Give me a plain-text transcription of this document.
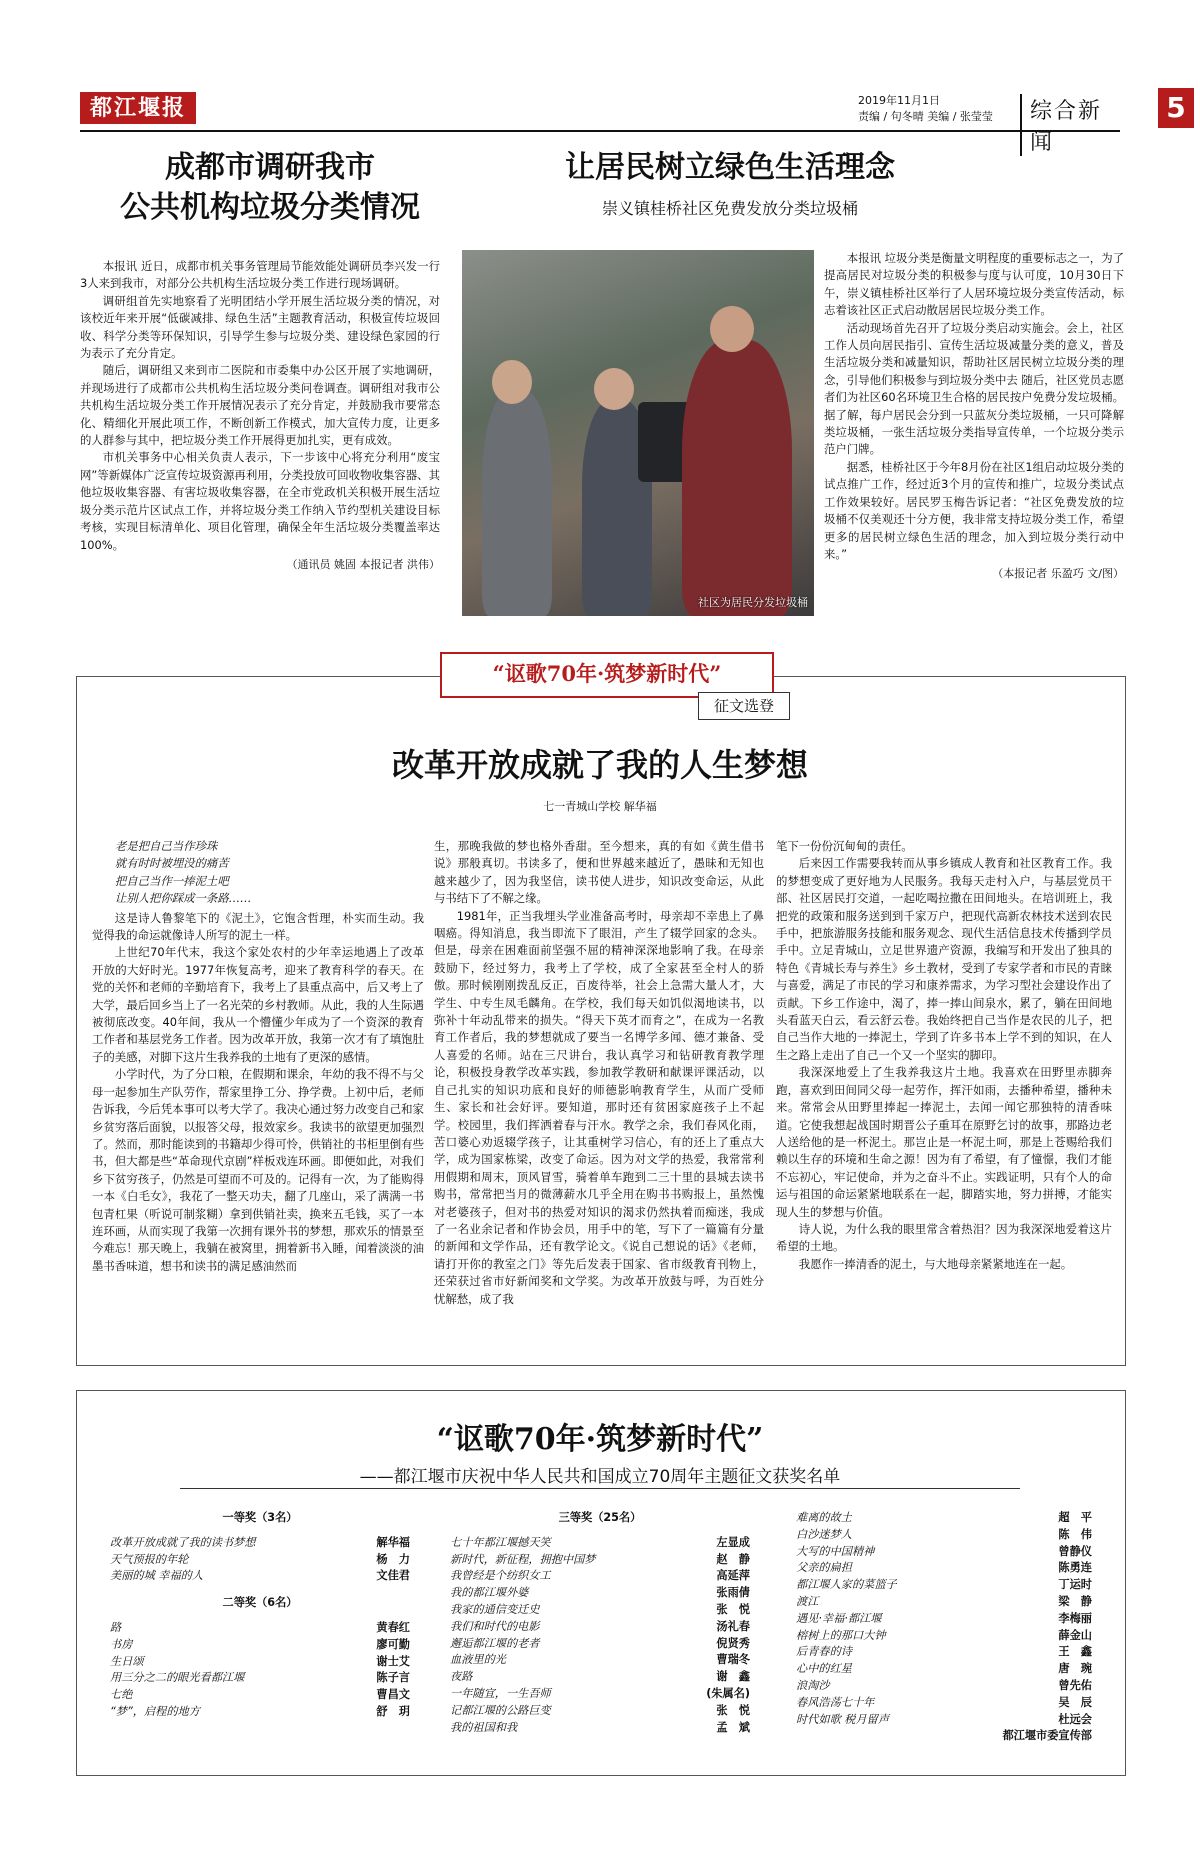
都江堰报	2019年11月1日
责编 / 句冬晴 美编 / 张莹莹	综合新闻
5
成都市调研我市
公共机构垃圾分类情况

本报讯 近日，成都市机关事务管理局节能效能处调研员李兴发一行3人来到我市，对部分公共机构生活垃圾分类工作进行现场调研。

调研组首先实地察看了光明团结小学开展生活垃圾分类的情况，对该校近年来开展“低碳减排、绿色生活”主题教育活动，积极宣传垃圾回收、科学分类等环保知识，引导学生参与垃圾分类、建设绿色家园的行为表示了充分肯定。

随后，调研组又来到市二医院和市委集中办公区开展了实地调研，并现场进行了成都市公共机构生活垃圾分类问卷调查。调研组对我市公共机构生活垃圾分类工作开展情况表示了充分肯定，并鼓励我市要常态化、精细化开展此项工作，不断创新工作模式，加大宣传力度，让更多的人群参与其中，把垃圾分类工作开展得更加扎实，更有成效。

市机关事务中心相关负责人表示，下一步该中心将充分利用“废宝网”等新媒体广泛宣传垃圾资源再利用，分类投放可回收物收集容器、其他垃圾收集容器、有害垃圾收集容器，在全市党政机关积极开展生活垃圾分类示范片区试点工作，并将垃圾分类工作纳入节约型机关建设目标考核，实现目标清单化、项目化管理，确保全年生活垃圾分类覆盖率达100%。

（通讯员 姚固 本报记者 洪伟）
让居民树立绿色生活理念
崇义镇桂桥社区免费发放分类垃圾桶
社区为居民分发垃圾桶

本报讯 垃圾分类是衡量文明程度的重要标志之一，为了提高居民对垃圾分类的积极参与度与认可度，10月30日下午，崇义镇桂桥社区举行了人居环境垃圾分类宣传活动，标志着该社区正式启动散居居民垃圾分类工作。

活动现场首先召开了垃圾分类启动实施会。会上，社区工作人员向居民指引、宣传生活垃圾减量分类的意义，普及生活垃圾分类和减量知识，帮助社区居民树立垃圾分类的理念，引导他们积极参与到垃圾分类中去 随后，社区党员志愿者们为社区60名环境卫生合格的居民按户免费分发垃圾桶。据了解，每户居民会分到一只蓝灰分类垃圾桶，一只可降解类垃圾桶，一张生活垃圾分类指导宣传单，一个垃圾分类示范户门牌。

据悉，桂桥社区于今年8月份在社区1组启动垃圾分类的试点推广工作，经过近3个月的宣传和推广，垃圾分类试点工作效果较好。居民罗玉梅告诉记者：“社区免费发放的垃圾桶不仅美观还十分方便，我非常支持垃圾分类工作，希望更多的居民树立绿色生活的理念，加入到垃圾分类行动中来。”

（本报记者 乐盈巧 文/图）
“讴歌70年·筑梦新时代”
征文选登
改革开放成就了我的人生梦想
七一青城山学校 解华福
老是把自己当作珍珠
就有时时被埋没的痛苦
把自己当作一捧泥土吧
让别人把你踩成一条路……

这是诗人鲁黎笔下的《泥土》，它饱含哲理，朴实而生动。我觉得我的命运就像诗人所写的泥土一样。

上世纪70年代末，我这个家处农村的少年幸运地遇上了改革开放的大好时光。1977年恢复高考，迎来了教育科学的春天。在党的关怀和老师的辛勤培育下，我考上了县重点高中，后又考上了大学，最后回乡当上了一名光荣的乡村教师。从此，我的人生际遇被彻底改变。40年间，我从一个懵懂少年成为了一个资深的教育工作者和基层党务工作者。因为改革开放，我第一次才有了填饱肚子的美感，对脚下这片生我养我的土地有了更深的感情。

小学时代，为了分口粮，在假期和课余，年幼的我不得不与父母一起参加生产队劳作，帮家里挣工分、挣学费。上初中后，老师告诉我，今后凭本事可以考大学了。我决心通过努力改变自己和家乡贫穷落后面貌，以报答父母，报效家乡。我读书的欲望更加强烈了。然而，那时能读到的书籍却少得可怜，供销社的书柜里倒有些书，但大都是些“革命现代京剧”样板戏连环画。即便如此，对我们乡下贫穷孩子，仍然是可望而不可及的。记得有一次，为了能购得一本《白毛女》，我花了一整天功夫，翻了几座山，采了满满一书包青杠果（听说可制浆糊）拿到供销社卖，换来五毛钱，买了一本连环画，从而实现了我第一次拥有课外书的梦想，那欢乐的情景至今难忘！那天晚上，我躺在被窝里，拥着新书入睡，闻着淡淡的油墨书香味道，想书和读书的满足感油然而

生，那晚我做的梦也格外香甜。至今想来，真的有如《黄生借书说》那般真切。书读多了，便和世界越来越近了，愚昧和无知也越来越少了，因为我坚信，读书使人进步，知识改变命运，从此与书结下了不解之缘。

1981年，正当我埋头学业准备高考时，母亲却不幸患上了鼻咽癌。得知消息，我当即流下了眼泪，产生了辍学回家的念头。但是，母亲在困难面前坚强不屈的精神深深地影响了我。在母亲鼓励下，经过努力，我考上了学校，成了全家甚至全村人的骄傲。那时候刚刚拨乱反正，百废待举，社会上急需大量人才，大学生、中专生凤毛麟角。在学校，我们每天如饥似渴地读书，以弥补十年动乱带来的损失。“得天下英才而育之”，在成为一名教育工作者后，我的梦想就成了要当一名博学多闻、德才兼备、受人喜爱的名师。站在三尺讲台，我认真学习和钻研教育教学理论，积极投身教学改革实践，参加教学教研和献课评课活动，以自己扎实的知识功底和良好的师德影响教育学生，从而广受师生、家长和社会好评。要知道，那时还有贫困家庭孩子上不起学。校园里，我们挥洒着春与汗水。教学之余，我们春风化雨，苦口婆心劝返辍学孩子，让其重树学习信心，有的还上了重点大学，成为国家栋梁，改变了命运。因为对文学的热爱，我常常利用假期和周末，顶风冒雪，骑着单车跑到二三十里的县城去读书购书，常常把当月的微薄薪水几乎全用在购书书购报上，虽然愧对老婆孩子，但对书的热爱对知识的渴求仍然执着而痴迷，我成了一名业余记者和作协会员，用手中的笔，写下了一篇篇有分量的新闻和文学作品，还有教学论文。《说自己想说的话》《老师，请打开你的教室之门》等先后发表于国家、省市级教育刊物上，还荣获过省市好新闻奖和文学奖。为改革开放鼓与呼，为百姓分忧解愁，成了我

笔下一份份沉甸甸的责任。

后来因工作需要我转而从事乡镇成人教育和社区教育工作。我的梦想变成了更好地为人民服务。我每天走村入户，与基层党员干部、社区居民打交道，一起吃喝拉撒在田间地头。在培训班上，我把党的政策和服务送到到千家万户，把现代高新农林技术送到农民手中，把旅游服务技能和服务观念、现代生活信息技术传播到学员手中。立足青城山，立足世界遗产资源，我编写和开发出了独具的特色《青城长寿与养生》乡土教材，受到了专家学者和市民的青睐与喜爱，满足了市民的学习和康养需求，为学习型社会建设作出了贡献。下乡工作途中，渴了，捧一捧山间泉水，累了，躺在田间地头看蓝天白云，看云舒云卷。我始终把自己当作是农民的儿子，把自己当作大地的一捧泥土，学到了许多书本上学不到的知识，在人生之路上走出了自己一个又一个坚实的脚印。

我深深地爱上了生我养我这片土地。我喜欢在田野里赤脚奔跑，喜欢到田间同父母一起劳作，挥汗如雨，去播种希望，播种未来。常常会从田野里捧起一捧泥土，去闻一闻它那独特的清香味道。它使我想起战国时期晋公子重耳在原野乞讨的故事，那路边老人送给他的是一杯泥土。那岂止是一杯泥土呵，那是上苍赐给我们赖以生存的环境和生命之源！因为有了希望，有了憧憬，我们才能不忘初心，牢记使命，并为之奋斗不止。实践证明，只有个人的命运与祖国的命运紧紧地联系在一起，脚踏实地，努力拼搏，才能实现人生的梦想与价值。

诗人说，为什么我的眼里常含着热泪？因为我深深地爱着这片希望的土地。

我愿作一捧清香的泥土，与大地母亲紧紧地连在一起。

“讴歌70年·筑梦新时代”
——都江堰市庆祝中华人民共和国成立70周年主题征文获奖名单
一等奖（3名）
改革开放成就了我的读书梦想	解华福
天气预报的年轮	杨　力
美丽的城 幸福的人	文佳君
二等奖（6名）
路	黄春红
书房	廖可勤
生日颂	谢士艾
用三分之二的眼光看都江堰	陈子言
七绝	曹昌文
“梦”，启程的地方	舒　玥
三等奖（25名）
七十年都江堰撼天笑	左显成
新时代，新征程，拥抱中国梦	赵　静
我曾经是个纺织女工	高延萍
我的都江堰外婆	张雨倩
我家的通信变迁史	张　悦
我们和时代的电影	汤礼春
邂逅都江堰的老者	倪贤秀
血液里的光	曹瑞冬
夜路	谢　鑫
一年随宜，一生吾师	(朱属名)
记都江堰的公路巨变	张　悦
我的祖国和我	孟　斌
难离的故土	超　平
白沙迷梦人	陈　伟
大写的中国精神	曾静仪
父亲的扁担	陈勇连
都江堰人家的菜篮子	丁运时
渡江	梁　静
遇见·幸福·都江堰	李梅丽
榕树上的那口大钟	薛金山
后青春的诗	王　鑫
心中的红星	唐　琬
浪淘沙	曾先佑
春风浩荡七十年	吴　辰
时代如歌 税月留声	杜远会
都江堰市委宣传部
